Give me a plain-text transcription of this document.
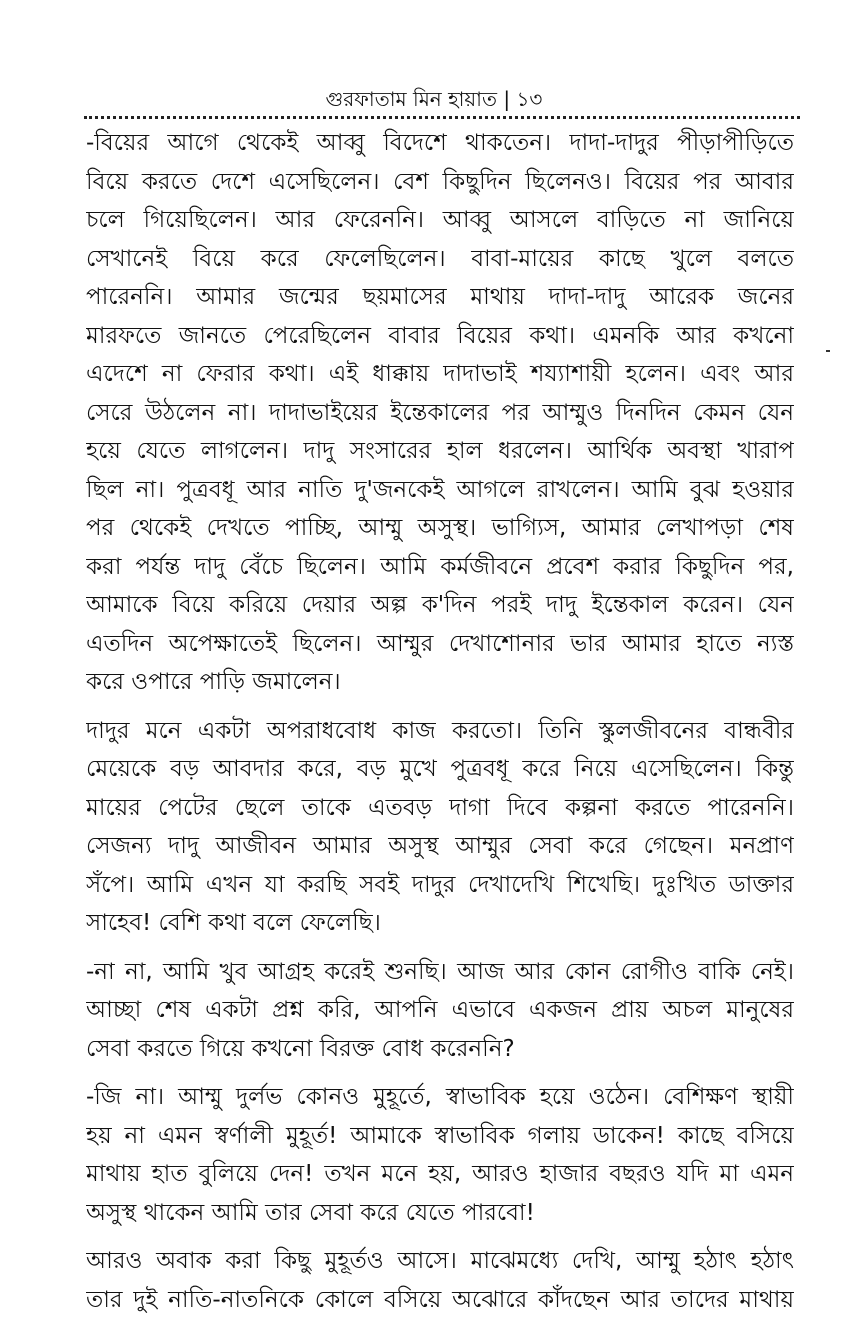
গুরফাতাম মিন হায়াত | ১৩
-বিয়ের আগে থেকেই আব্বু বিদেশে থাকতেন। দাদা-দাদুর পীড়াপীড়িতে
বিয়ে করতে দেশে এসেছিলেন। বেশ কিছুদিন ছিলেনও। বিয়ের পর আবার
চলে গিয়েছিলেন। আর ফেরেননি। আব্বু আসলে বাড়িতে না জানিয়ে
সেখানেই বিয়ে করে ফেলেছিলেন। বাবা-মায়ের কাছে খুলে বলতে
পারেননি। আমার জন্মের ছয়মাসের মাথায় দাদা-দাদু আরেক জনের
মারফতে জানতে পেরেছিলেন বাবার বিয়ের কথা। এমনকি আর কখনো
এদেশে না ফেরার কথা। এই ধাক্কায় দাদাভাই শয্যাশায়ী হলেন। এবং আর
সেরে উঠলেন না। দাদাভাইয়ের ইন্তেকালের পর আম্মুও দিনদিন কেমন যেন
হয়ে যেতে লাগলেন। দাদু সংসারের হাল ধরলেন। আর্থিক অবস্থা খারাপ
ছিল না। পুত্রবধূ আর নাতি দু'জনকেই আগলে রাখলেন। আমি বুঝ হওয়ার
পর থেকেই দেখতে পাচ্ছি, আম্মু অসুস্থ। ভাগ্যিস, আমার লেখাপড়া শেষ
করা পর্যন্ত দাদু বেঁচে ছিলেন। আমি কর্মজীবনে প্রবেশ করার কিছুদিন পর,
আমাকে বিয়ে করিয়ে দেয়ার অল্প ক'দিন পরই দাদু ইন্তেকাল করেন। যেন
এতদিন অপেক্ষাতেই ছিলেন। আম্মুর দেখাশোনার ভার আমার হাতে ন্যস্ত
করে ওপারে পাড়ি জমালেন।
দাদুর মনে একটা অপরাধবোধ কাজ করতো। তিনি স্কুলজীবনের বান্ধবীর
মেয়েকে বড় আবদার করে, বড় মুখে পুত্রবধূ করে নিয়ে এসেছিলেন। কিন্তু
মায়ের পেটের ছেলে তাকে এতবড় দাগা দিবে কল্পনা করতে পারেননি।
সেজন্য দাদু আজীবন আমার অসুস্থ আম্মুর সেবা করে গেছেন। মনপ্রাণ
সঁপে। আমি এখন যা করছি সবই দাদুর দেখাদেখি শিখেছি। দুঃখিত ডাক্তার
সাহেব! বেশি কথা বলে ফেলেছি।
-না না, আমি খুব আগ্রহ করেই শুনছি। আজ আর কোন রোগীও বাকি নেই।
আচ্ছা শেষ একটা প্রশ্ন করি, আপনি এভাবে একজন প্রায় অচল মানুষের
সেবা করতে গিয়ে কখনো বিরক্ত বোধ করেননি?
-জি না। আম্মু দুর্লভ কোনও মুহূর্তে, স্বাভাবিক হয়ে ওঠেন। বেশিক্ষণ স্থায়ী
হয় না এমন স্বর্ণালী মুহূর্ত! আমাকে স্বাভাবিক গলায় ডাকেন! কাছে বসিয়ে
মাথায় হাত বুলিয়ে দেন! তখন মনে হয়, আরও হাজার বছরও যদি মা এমন
অসুস্থ থাকেন আমি তার সেবা করে যেতে পারবো!
আরও অবাক করা কিছু মুহূর্তও আসে। মাঝেমধ্যে দেখি, আম্মু হঠাৎ হঠাৎ
তার দুই নাতি-নাতনিকে কোলে বসিয়ে অঝোরে কাঁদছেন আর তাদের মাথায়
